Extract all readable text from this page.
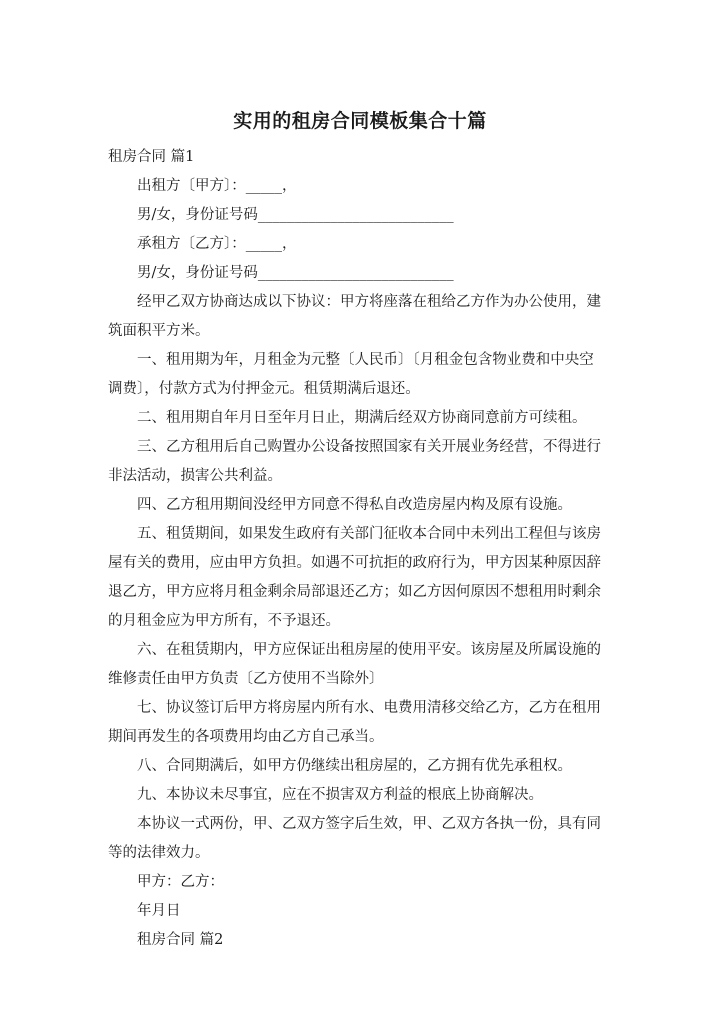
实用的租房合同模板集合十篇

租房合同 篇1

出租方〔甲方〕：_____，

男/女，身份证号码___________________________

承租方〔乙方〕：_____，

男/女，身份证号码___________________________

经甲乙双方协商达成以下协议：甲方将座落在租给乙方作为办公使用，建筑面积平方米。

一、租用期为年，月租金为元整〔人民币〕〔月租金包含物业费和中央空调费〕，付款方式为付押金元。租赁期满后退还。

二、租用期自年月日至年月日止，期满后经双方协商同意前方可续租。

三、乙方租用后自己购置办公设备按照国家有关开展业务经营，不得进行非法活动，损害公共利益。

四、乙方租用期间没经甲方同意不得私自改造房屋内构及原有设施。

五、租赁期间，如果发生政府有关部门征收本合同中未列出工程但与该房屋有关的费用，应由甲方负担。如遇不可抗拒的政府行为，甲方因某种原因辞退乙方，甲方应将月租金剩余局部退还乙方；如乙方因何原因不想租用时剩余的月租金应为甲方所有，不予退还。

六、在租赁期内，甲方应保证出租房屋的使用平安。该房屋及所属设施的维修责任由甲方负责〔乙方使用不当除外〕

七、协议签订后甲方将房屋内所有水、电费用清移交给乙方，乙方在租用期间再发生的各项费用均由乙方自己承当。

八、合同期满后，如甲方仍继续出租房屋的，乙方拥有优先承租权。

九、本协议未尽事宜，应在不损害双方利益的根底上协商解决。

本协议一式两份，甲、乙双方签字后生效，甲、乙双方各执一份，具有同等的法律效力。

甲方：乙方：

年月日

租房合同 篇2
